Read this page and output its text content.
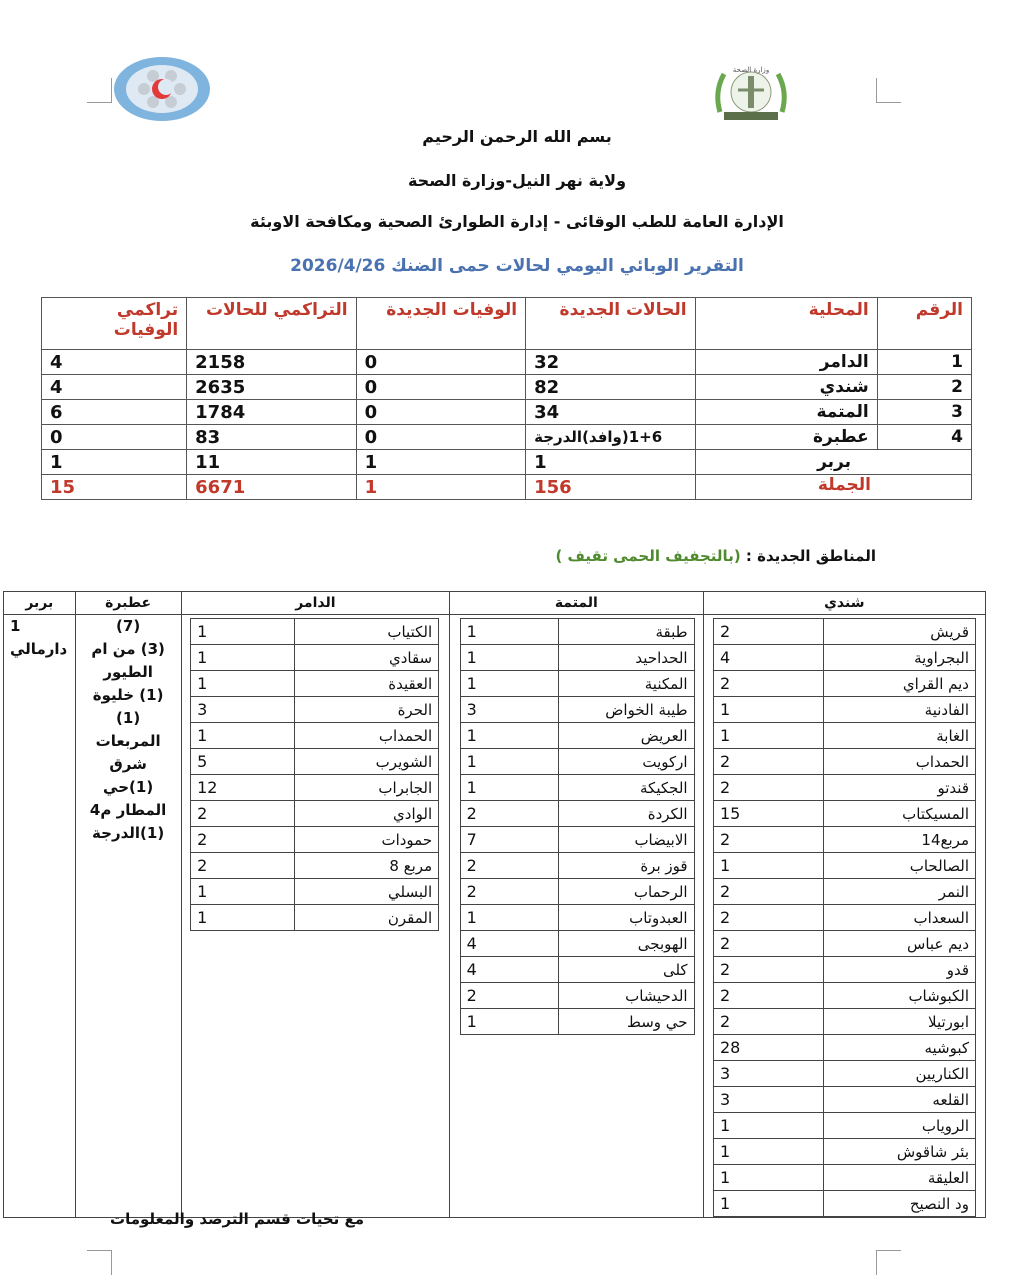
وزارة الصحة
بسم الله الرحمن الرحيم
ولاية نهر النيل-وزارة الصحة
الإدارة العامة للطب الوقائى - إدارة الطوارئ الصحية ومكافحة الاوبئة
التقرير الوبائي اليومي لحالات حمى الضنك 2026/4/26
الرقم	المحلية	الحالات الجديدة	الوفيات الجديدة	التراكمي للحالات	تراكمي الوفيات
1	الدامر	32	0	2158	4
2	شندي	82	0	2635	4
3	المتمة	34	0	1784	6
4	عطبرة	1+6(وافد)الدرجة	0	83	0
بربر		1	1	11	1
الجملة		156	1	6671	15
المناطق الجديدة : (بالتجفيف الحمى تقيف )
شندي	المتمة	الدامر	عطبرة	بربر

قريش	2
البجراوية	4
ديم القراي	2
الفادنية	1
الغابة	1
الحمداب	2
قندتو	2
المسيكتاب	15
مربع14	2
الصالحاب	1
النمر	2
السعداب	2
ديم عباس	2
قدو	2
الكبوشاب	2
ابورتيلا	2
كبوشيه	28
الكناريين	3
القلعه	3
الروياب	1
بئر شاقوش	1
العليقة	1
ود النصيح	1

طبقة	1
الحداحيد	1
المكنية	1
طيبة الخواض	3
العريض	1
اركويت	1
الجكيكة	1
الكردة	2
الابيضاب	7
قوز برة	2
الرحماب	2
العبدوتاب	1
الهوبجى	4
كلى	4
الدحيشاب	2
حي وسط	1

الكتياب	1
سقادي	1
العقيدة	1
الحرة	3
الحمداب	1
الشويرب	5
الجابراب	12
الوادي	2
حمودات	2
مربع 8	2
البسلي	1
المقرن	1

(7)
(3) من ام
الطيور
(1) خليوة
(1)
المربعات
شرق
(1)حي
المطار م4
(1)الدرجة

1
دارمالي
مع تحيات قسم الترصد والمعلومات
